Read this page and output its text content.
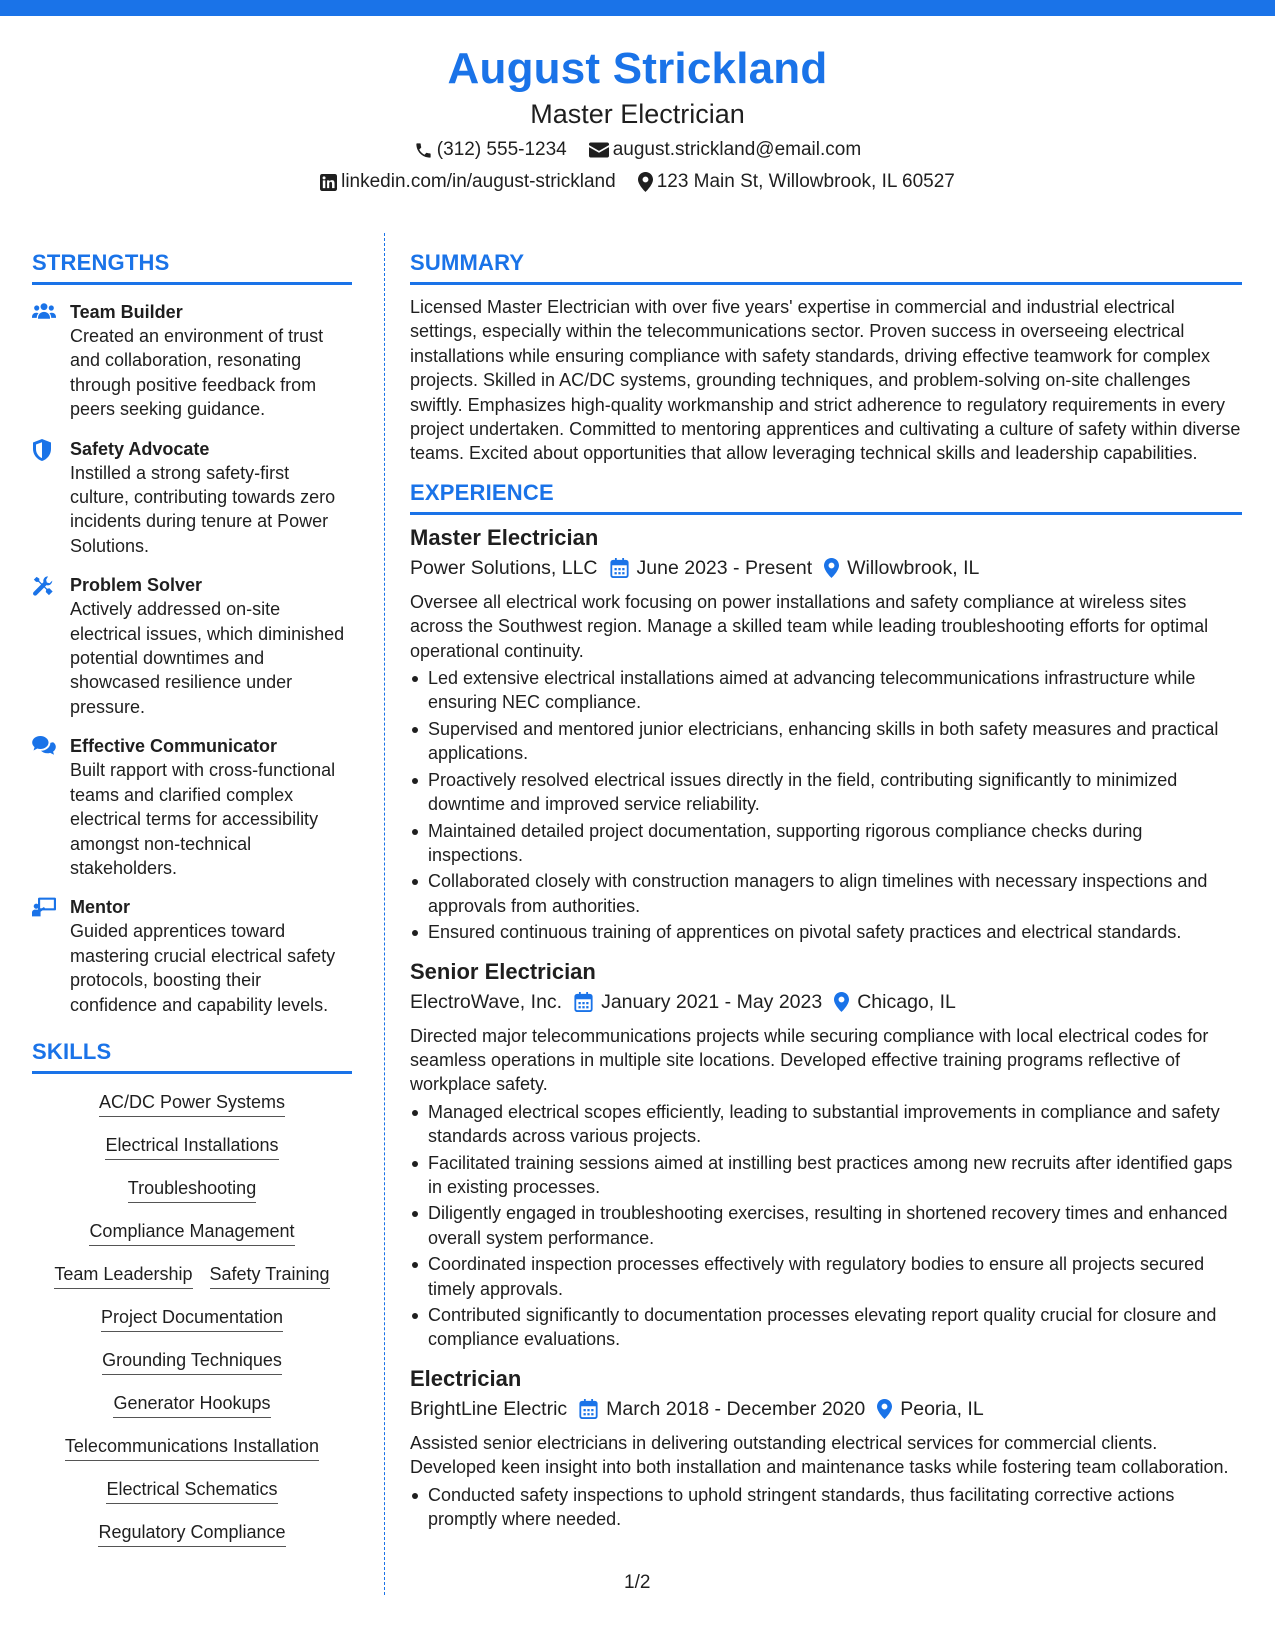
August Strickland
Master Electrician
(312) 555-1234 august.strickland@email.com
linkedin.com/in/august-strickland 123 Main St, Willowbrook, IL 60527
STRENGTHS
Team Builder
Created an environment of trust and collaboration, resonating through positive feedback from peers seeking guidance.
Safety Advocate
Instilled a strong safety-first culture, contributing towards zero incidents during tenure at Power Solutions.
Problem Solver
Actively addressed on-site electrical issues, which diminished potential downtimes and showcased resilience under pressure.
Effective Communicator
Built rapport with cross-functional teams and clarified complex electrical terms for accessibility amongst non-technical stakeholders.
Mentor
Guided apprentices toward mastering crucial electrical safety protocols, boosting their confidence and capability levels.
SKILLS
AC/DC Power Systems
Electrical Installations
Troubleshooting
Compliance Management
Team Leadership Safety Training
Project Documentation
Grounding Techniques
Generator Hookups
Telecommunications Installation
Electrical Schematics
Regulatory Compliance
SUMMARY

Licensed Master Electrician with over five years' expertise in commercial and industrial electrical settings, especially within the telecommunications sector. Proven success in overseeing electrical installations while ensuring compliance with safety standards, driving effective teamwork for complex projects. Skilled in AC/DC systems, grounding techniques, and problem-solving on-site challenges swiftly. Emphasizes high-quality workmanship and strict adherence to regulatory requirements in every project undertaken. Committed to mentoring apprentices and cultivating a culture of safety within diverse teams. Excited about opportunities that allow leveraging technical skills and leadership capabilities.

EXPERIENCE
Master Electrician
Power Solutions, LLC June 2023 - Present Willowbrook, IL

Oversee all electrical work focusing on power installations and safety compliance at wireless sites across the Southwest region. Manage a skilled team while leading troubleshooting efforts for optimal operational continuity.

Led extensive electrical installations aimed at advancing telecommunications infrastructure while ensuring NEC compliance.
Supervised and mentored junior electricians, enhancing skills in both safety measures and practical applications.
Proactively resolved electrical issues directly in the field, contributing significantly to minimized downtime and improved service reliability.
Maintained detailed project documentation, supporting rigorous compliance checks during inspections.
Collaborated closely with construction managers to align timelines with necessary inspections and approvals from authorities.
Ensured continuous training of apprentices on pivotal safety practices and electrical standards.
Senior Electrician
ElectroWave, Inc. January 2021 - May 2023 Chicago, IL

Directed major telecommunications projects while securing compliance with local electrical codes for seamless operations in multiple site locations. Developed effective training programs reflective of workplace safety.

Managed electrical scopes efficiently, leading to substantial improvements in compliance and safety standards across various projects.
Facilitated training sessions aimed at instilling best practices among new recruits after identified gaps in existing processes.
Diligently engaged in troubleshooting exercises, resulting in shortened recovery times and enhanced overall system performance.
Coordinated inspection processes effectively with regulatory bodies to ensure all projects secured timely approvals.
Contributed significantly to documentation processes elevating report quality crucial for closure and compliance evaluations.
Electrician
BrightLine Electric March 2018 - December 2020 Peoria, IL

Assisted senior electricians in delivering outstanding electrical services for commercial clients. Developed keen insight into both installation and maintenance tasks while fostering team collaboration.

Conducted safety inspections to uphold stringent standards, thus facilitating corrective actions promptly where needed.
1/2
